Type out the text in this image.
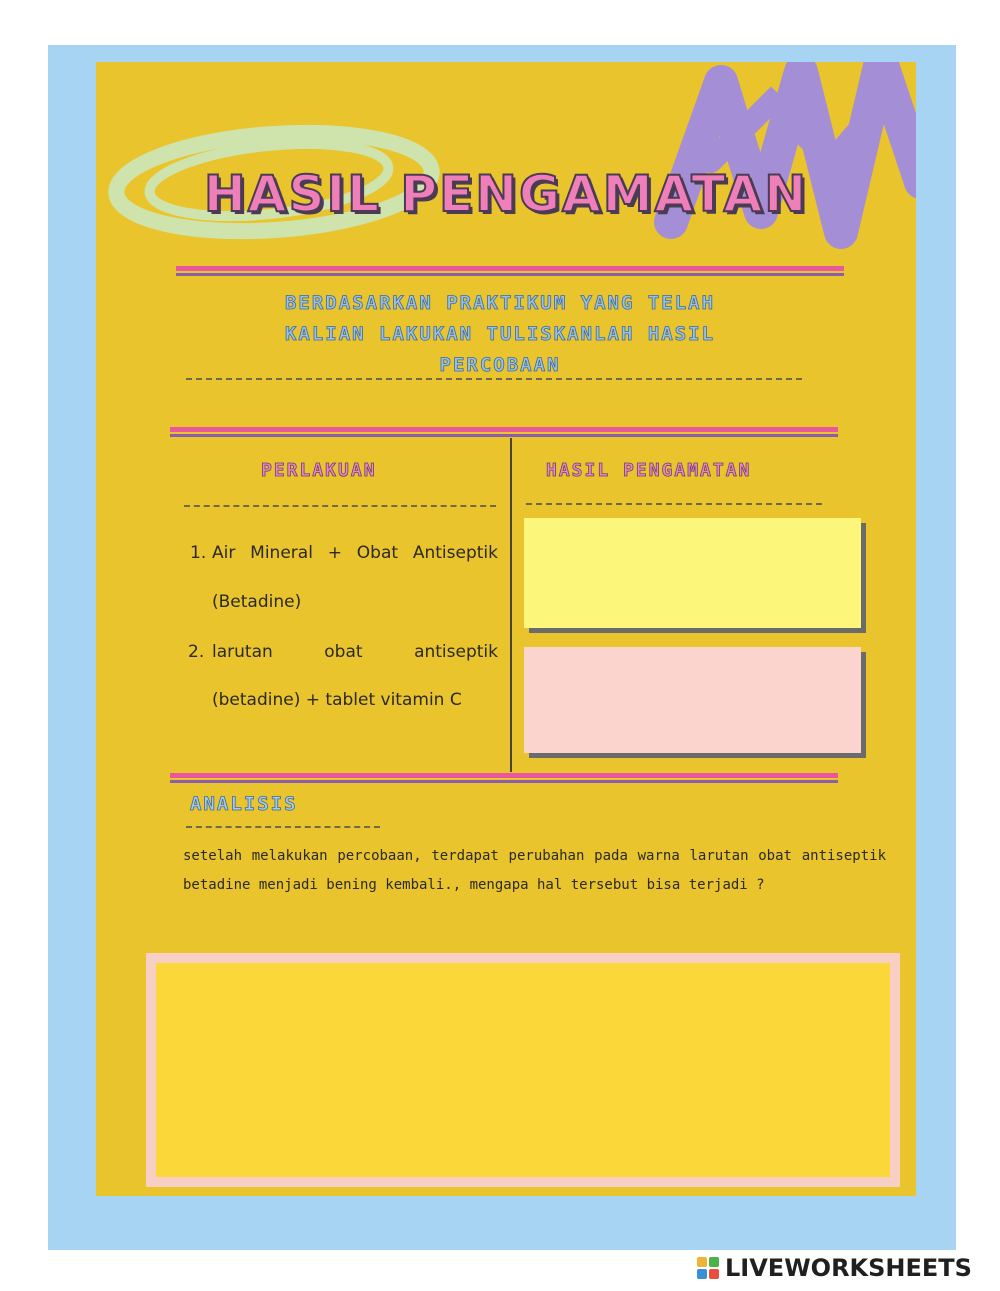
HASIL PENGAMATAN
BERDASARKAN PRAKTIKUM YANG TELAH
KALIAN LAKUKAN TULISKANLAH HASIL
PERCOBAAN
PERLAKUAN	HASIL PENGAMATAN
1. Air Mineral + Obat Antiseptik
(Betadine)
2. larutan obat antiseptik
(betadine) + tablet vitamin C
ANALISIS
setelah melakukan percobaan, terdapat perubahan pada warna larutan obat antiseptik betadine menjadi bening kembali., mengapa hal tersebut bisa terjadi ?
LIVEWORKSHEETS
